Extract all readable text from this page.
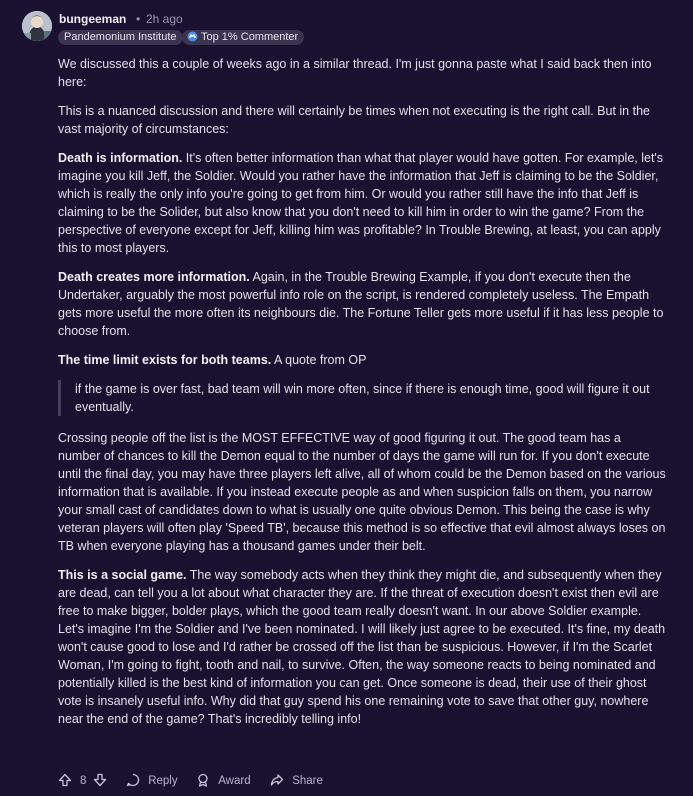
bungeeman • 2h ago
Pandemonium Institute	Top 1% Commenter

We discussed this a couple of weeks ago in a similar thread. I'm just gonna paste what I said back then into here:

This is a nuanced discussion and there will certainly be times when not executing is the right call. But in the vast majority of circumstances:

Death is information. It's often better information than what that player would have gotten. For example, let's imagine you kill Jeff, the Soldier. Would you rather have the information that Jeff is claiming to be the Soldier, which is really the only info you're going to get from him. Or would you rather still have the info that Jeff is claiming to be the Solider, but also know that you don't need to kill him in order to win the game? From the perspective of everyone except for Jeff, killing him was profitable? In Trouble Brewing, at least, you can apply this to most players.

Death creates more information. Again, in the Trouble Brewing Example, if you don't execute then the Undertaker, arguably the most powerful info role on the script, is rendered completely useless. The Empath gets more useful the more often its neighbours die. The Fortune Teller gets more useful if it has less people to choose from.

The time limit exists for both teams. A quote from OP

if the game is over fast, bad team will win more often, since if there is enough time, good will figure it out eventually.

Crossing people off the list is the MOST EFFECTIVE way of good figuring it out. The good team has a number of chances to kill the Demon equal to the number of days the game will run for. If you don't execute until the final day, you may have three players left alive, all of whom could be the Demon based on the various information that is available. If you instead execute people as and when suspicion falls on them, you narrow your small cast of candidates down to what is usually one quite obvious Demon. This being the case is why veteran players will often play 'Speed TB', because this method is so effective that evil almost always loses on TB when everyone playing has a thousand games under their belt.

This is a social game. The way somebody acts when they think they might die, and subsequently when they are dead, can tell you a lot about what character they are. If the threat of execution doesn't exist then evil are free to make bigger, bolder plays, which the good team really doesn't want. In our above Soldier example. Let's imagine I'm the Soldier and I've been nominated. I will likely just agree to be executed. It's fine, my death won't cause good to lose and I'd rather be crossed off the list than be suspicious. However, if I'm the Scarlet Woman, I'm going to fight, tooth and nail, to survive. Often, the way someone reacts to being nominated and potentially killed is the best kind of information you can get. Once someone is dead, their use of their ghost vote is insanely useful info. Why did that guy spend his one remaining vote to save that other guy, nowhere near the end of the game? That's incredibly telling info!

8	Reply	Award	Share
